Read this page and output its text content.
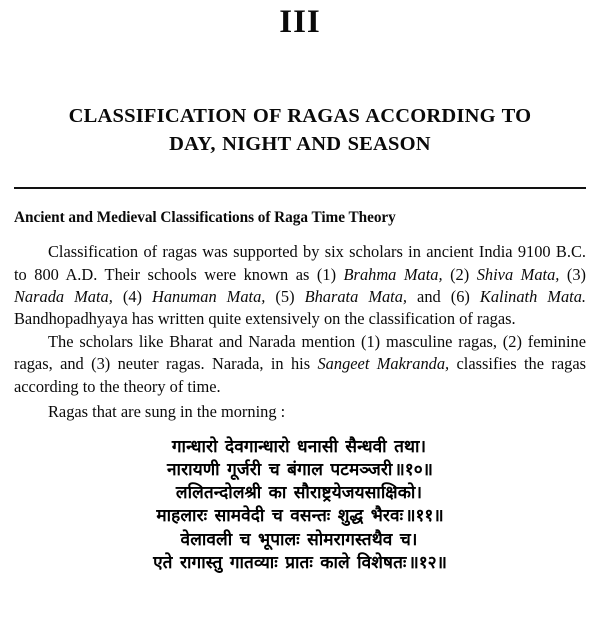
III
CLASSIFICATION OF RAGAS ACCORDING TO
DAY, NIGHT AND SEASON
Ancient and Medieval Classifications of Raga Time Theory

Classification of ragas was supported by six scholars in ancient India 9100 B.C. to 800 A.D. Their schools were known as (1) Brahma Mata, (2) Shiva Mata, (3) Narada Mata, (4) Hanuman Mata, (5) Bharata Mata, and (6) Kalinath Mata. Bandhopadhyaya has written quite extensively on the classification of ragas.

The scholars like Bharat and Narada mention (1) masculine ragas, (2) feminine ragas, and (3) neuter ragas. Narada, in his Sangeet Makranda, classifies the ragas according to the theory of time.

Ragas that are sung in the morning :

गान्धारो देवगान्धारो धनासी सैन्धवी तथा।
नारायणी गूर्जरी च बंगाल पटमञ्जरी ॥१०॥
ललितन्दोलश्री का सौराष्ट्रयेजयसाक्षिको।
माहलारः सामवेदी च वसन्तः शुद्ध भैरवः ॥११॥
वेलावली च भूपालः सोमरागस्तथैव च।
एते रागास्तु गातव्याः प्रातः काले विशेषतः ॥१२॥
